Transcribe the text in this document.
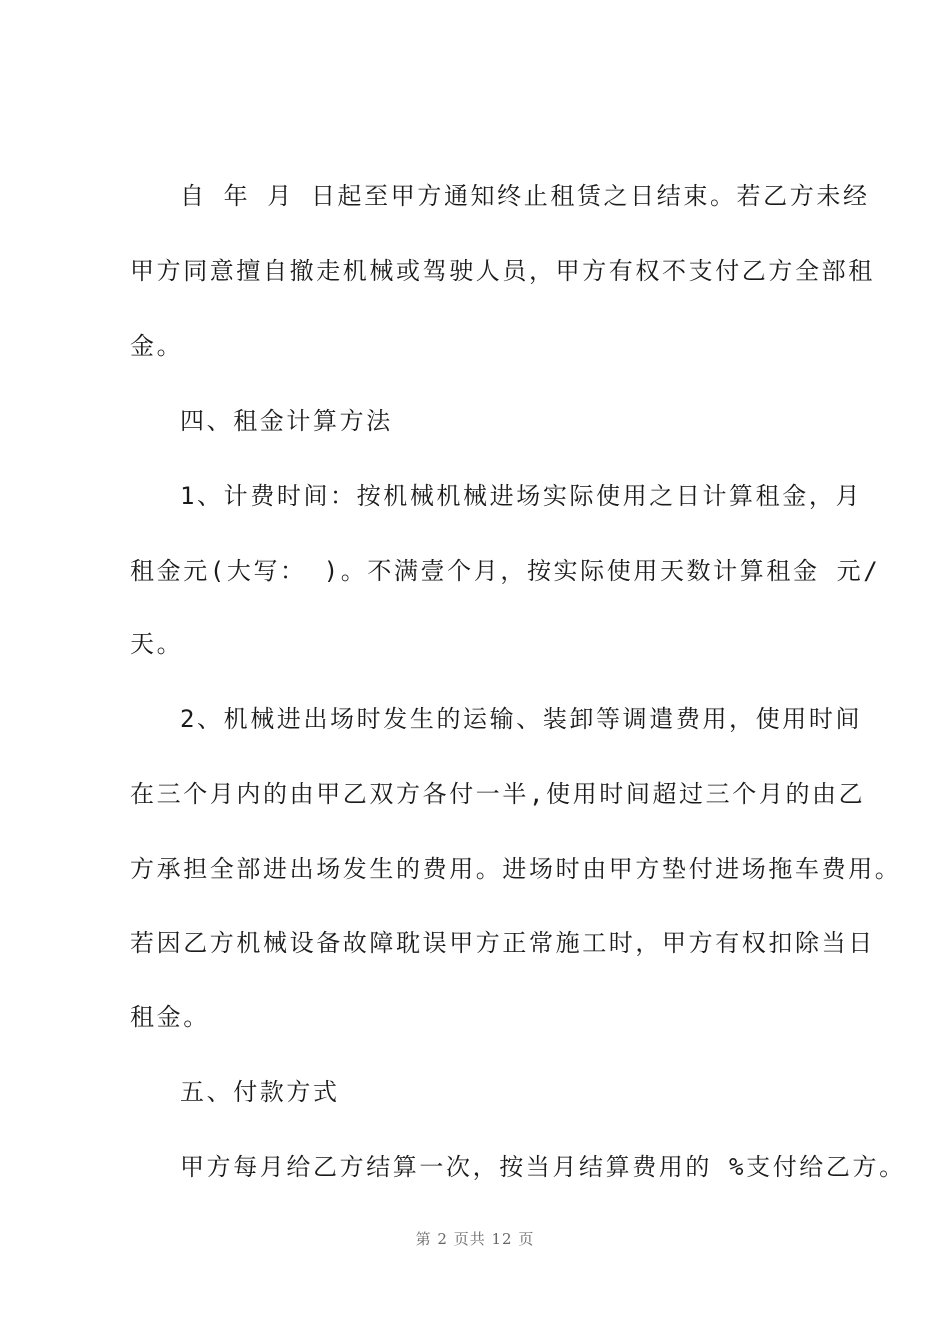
自 年 月 日起至甲方通知终止租赁之日结束。若乙方未经
甲方同意擅自撤走机械或驾驶人员，甲方有权不支付乙方全部租
金。
四、租金计算方法
1、计费时间：按机械机械进场实际使用之日计算租金，月
租金元(大写： )。不满壹个月，按实际使用天数计算租金 元/
天。
2、机械进出场时发生的运输、装卸等调遣费用，使用时间
在三个月内的由甲乙双方各付一半,使用时间超过三个月的由乙
方承担全部进出场发生的费用。进场时由甲方垫付进场拖车费用。
若因乙方机械设备故障耽误甲方正常施工时，甲方有权扣除当日
租金。
五、付款方式
甲方每月给乙方结算一次，按当月结算费用的 %支付给乙方。
第 2 页共 12 页
